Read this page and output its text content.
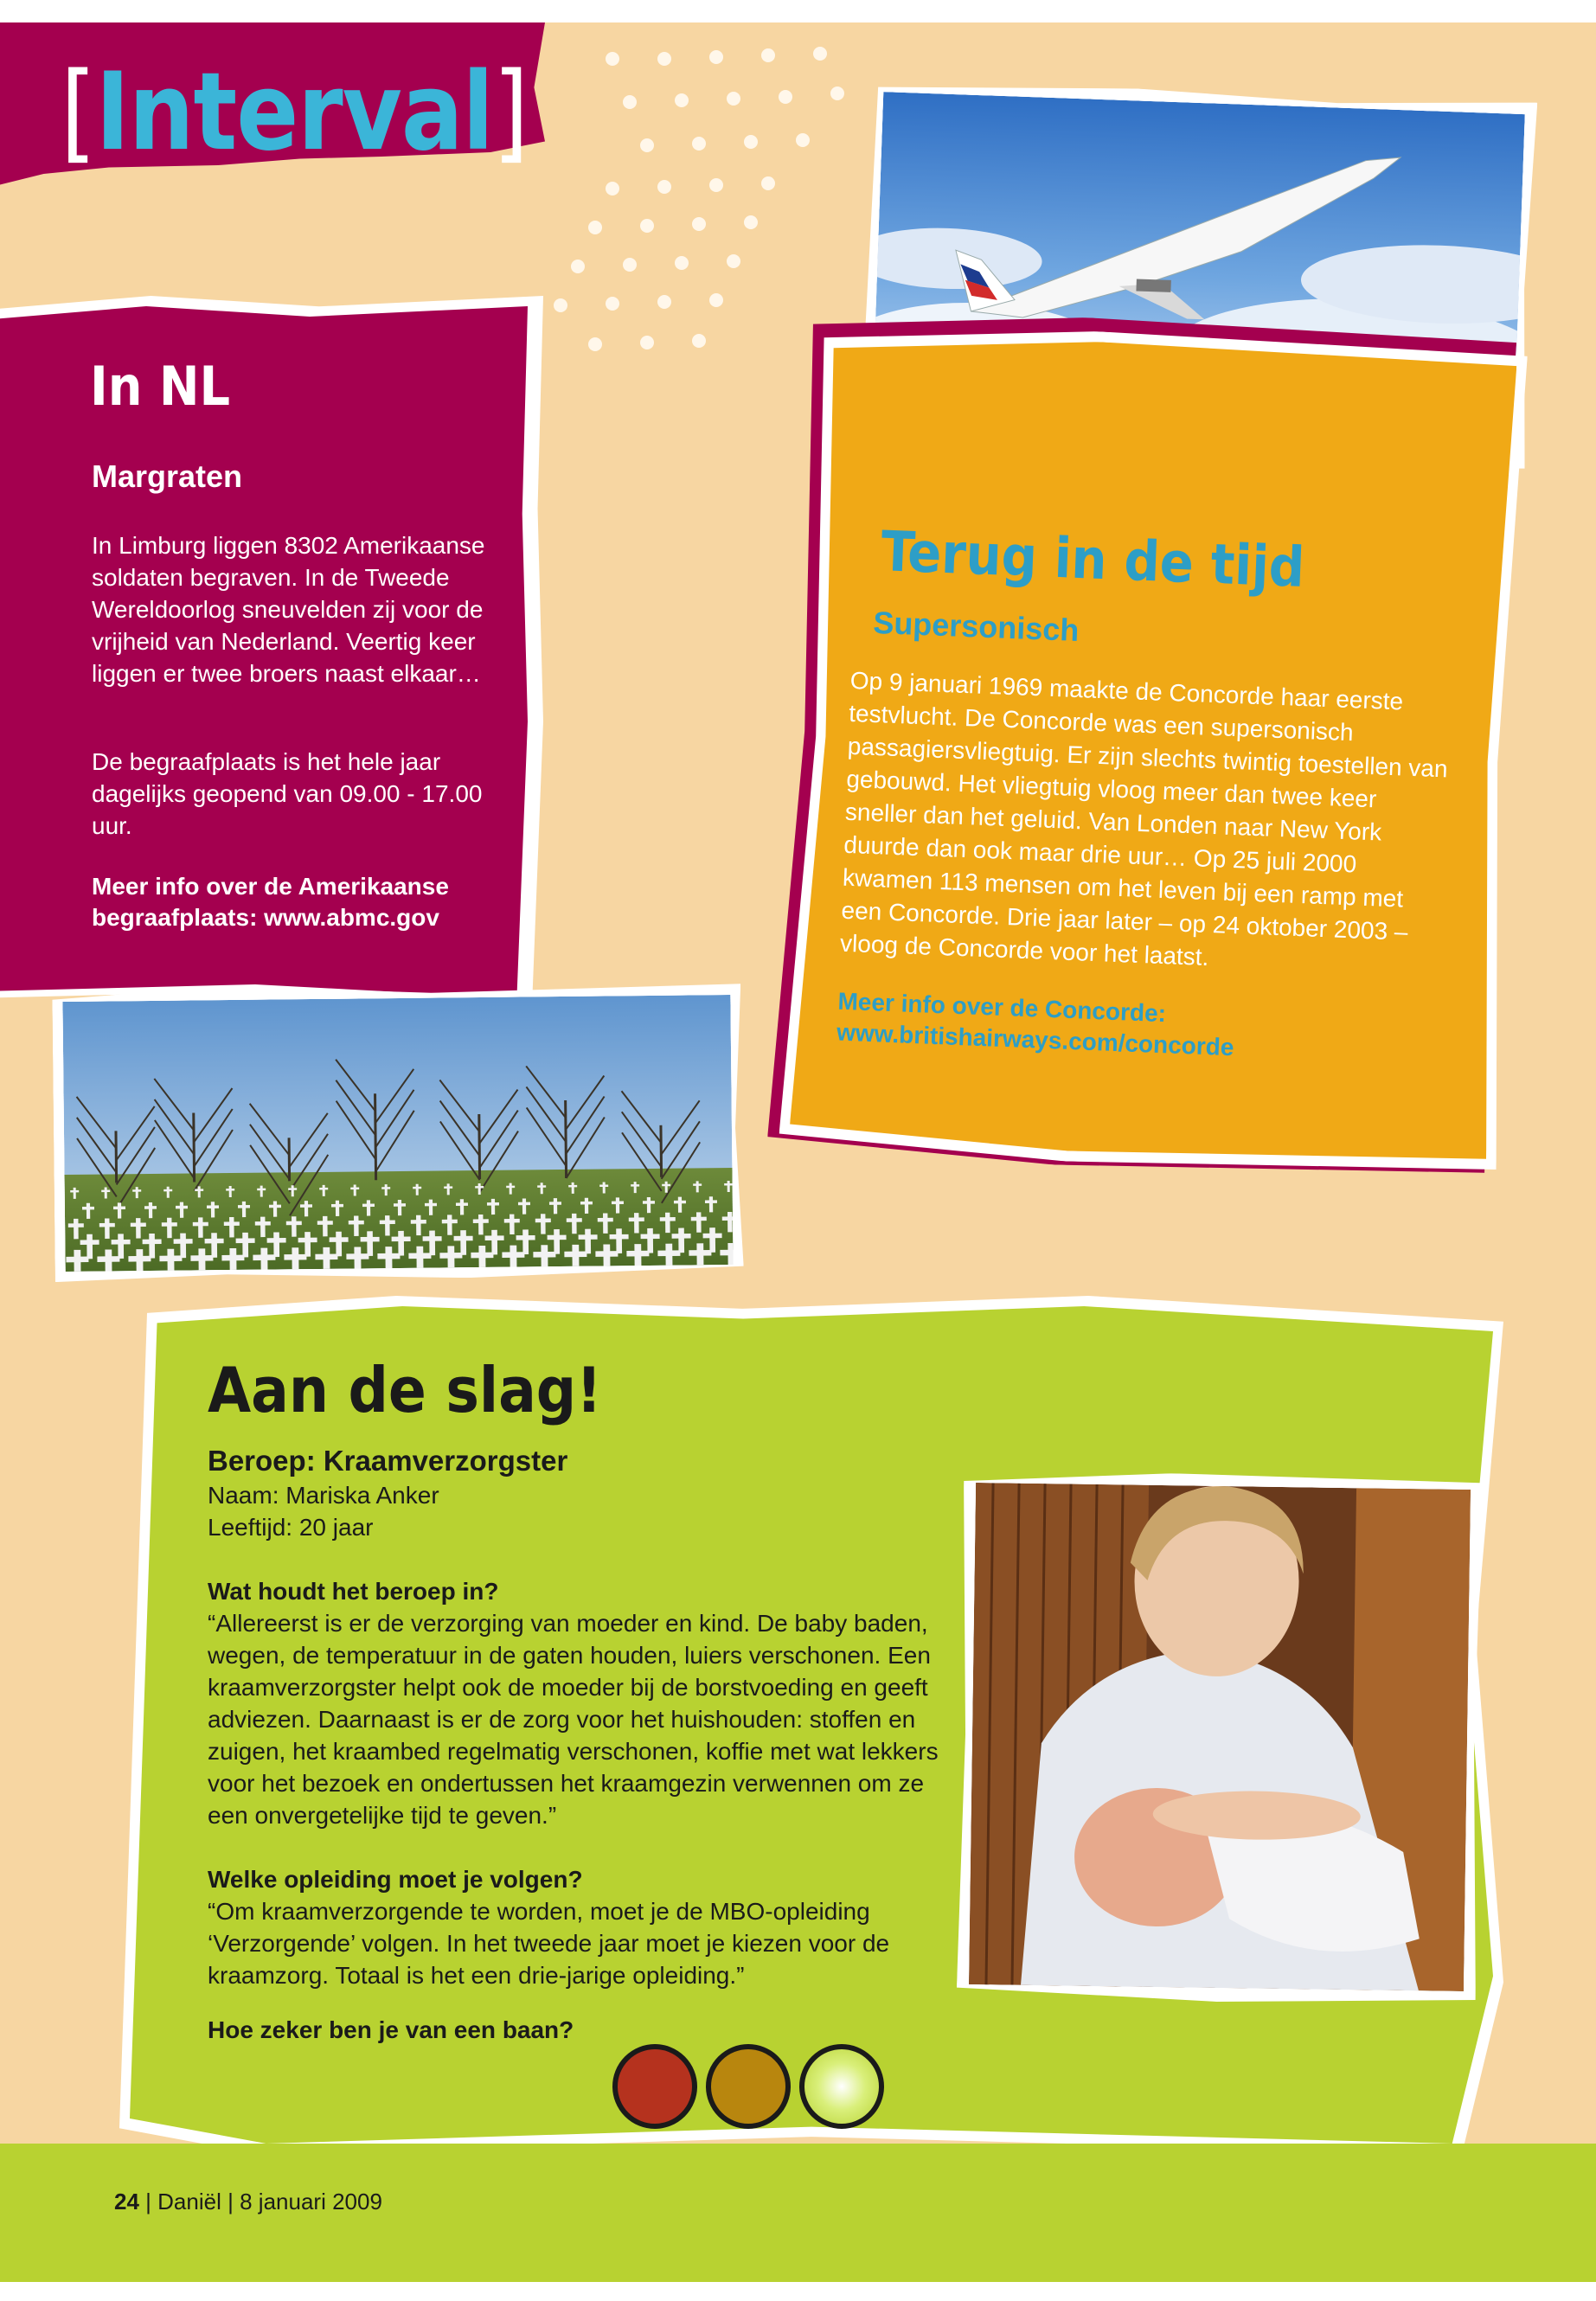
[Interval]
In NL
Margraten
In Limburg liggen 8302 Amerikaanse soldaten begraven. In de Tweede Wereldoorlog sneuvelden zij voor de vrijheid van Nederland. Veertig keer liggen er twee broers naast elkaar…
De begraafplaats is het hele jaar dagelijks geopend van 09.00 - 17.00 uur.
Meer info over de Amerikaanse begraafplaats: www.abmc.gov
Terug in de tijd
Supersonisch
Op 9 januari 1969 maakte de Concorde haar eerste testvlucht. De Concorde was een supersonisch passagiersvliegtuig. Er zijn slechts twintig toestellen van gebouwd. Het vliegtuig vloog meer dan twee keer sneller dan het geluid. Van Londen naar New York duurde dan ook maar drie uur… Op 25 juli 2000 kwamen 113 mensen om het leven bij een ramp met een Concorde. Drie jaar later – op 24 oktober 2003 – vloog de Concorde voor het laatst.
Meer info over de Concorde:
www.britishairways.com/concorde
Aan de slag!
Beroep: Kraamverzorgster
Naam: Mariska Anker
Leeftijd: 20 jaar
Wat houdt het beroep in?
“Allereerst is er de verzorging van moeder en kind. De baby baden, wegen, de temperatuur in de gaten houden, luiers verschonen. Een kraamverzorgster helpt ook de moeder bij de borstvoeding en geeft adviezen. Daarnaast is er de zorg voor het huishouden: stoffen en zuigen, het kraambed regelmatig verschonen, koffie met wat lekkers voor het bezoek en ondertussen het kraamgezin verwennen om ze een onvergetelijke tijd te geven.”
Welke opleiding moet je volgen?
“Om kraamverzorgende te worden, moet je de MBO-opleiding ‘Verzorgende’ volgen. In het tweede jaar moet je kiezen voor de kraamzorg. Totaal is het een drie-jarige opleiding.”
Hoe zeker ben je van een baan?
24 | Daniël | 8 januari 2009
